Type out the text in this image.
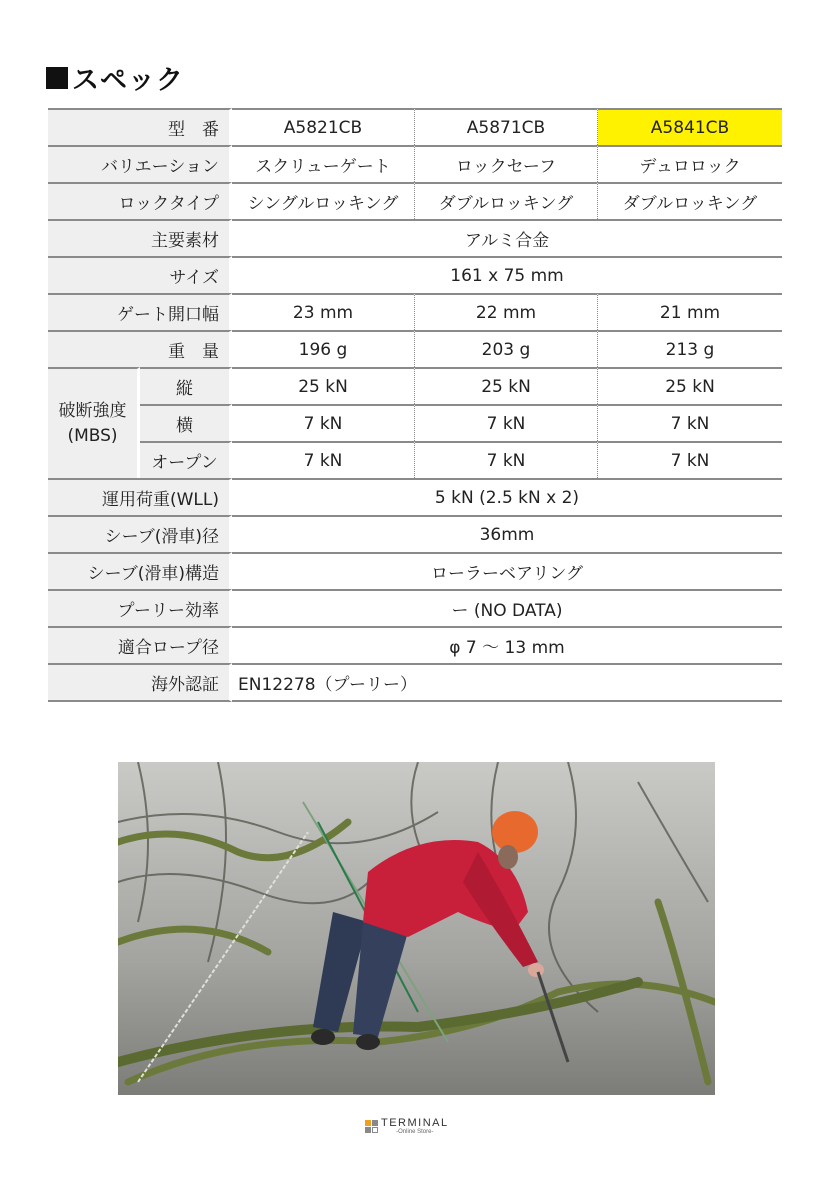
スペック
型　番		A5821CB	A5871CB	A5841CB
バリエーション		スクリューゲート	ロックセーフ	デュロロック
ロックタイプ		シングルロッキング	ダブルロッキング	ダブルロッキング
主要素材		アルミ合金		
サイズ		161 x 75 mm		
ゲート開口幅		23 mm	22 mm	21 mm
重　量		196 g	203 g	213 g

破断強度
(MBS)	縦	25 kN	25 kN	25 kN
	横	7 kN	7 kN	7 kN
	オープン	7 kN	7 kN	7 kN
運用荷重(WLL)		5 kN (2.5 kN x 2)		
シーブ(滑車)径		36mm		
シーブ(滑車)構造		ローラーベアリング		
プーリー効率		ー (NO DATA)		
適合ロープ径		φ 7 ～ 13 mm		
海外認証		EN12278（プーリー）		
TERMINAL
-Online Store-
